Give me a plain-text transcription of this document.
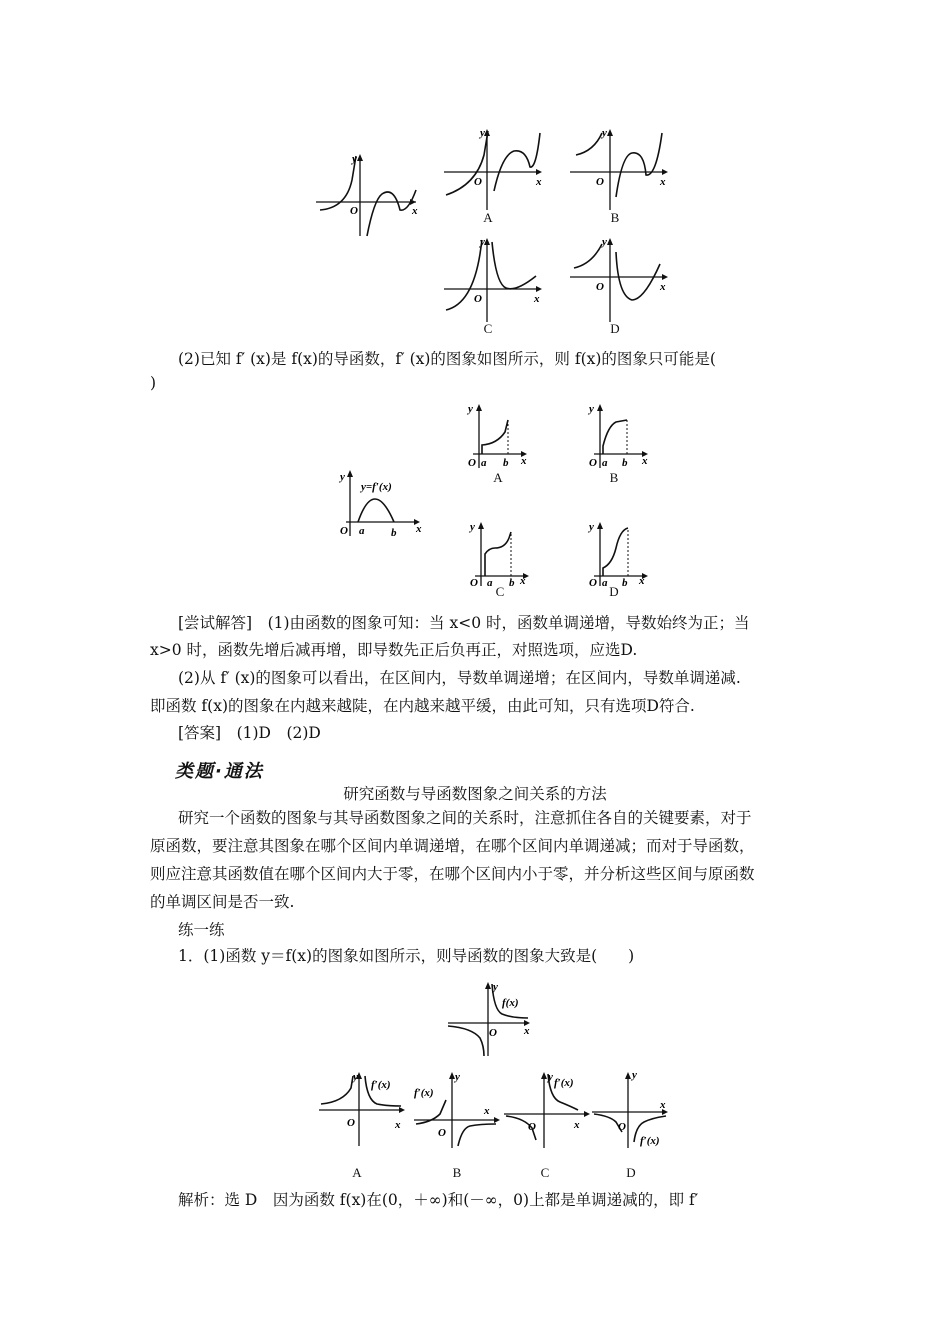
y
x
O
y
x
O
A
y
x
O
B
y
x
O
C
y
x
O
D
(2)已知 f′ (x)是 f(x)的导函数，f′ (x)的图象如图所示，则 f(x)的图象只可能是(
)
y
y=f′(x)
O a b x
y
O a b x
A
y
O a b x
B
y
O a b x
C
y
O a b x
D
[尝试解答]　(1)由函数的图象可知：当 x<0 时，函数单调递增，导数始终为正；当
x>0 时，函数先增后减再增，即导数先正后负再正，对照选项，应选D.
(2)从 f′ (x)的图象可以看出，在区间内，导数单调递增；在区间内，导数单调递减.
即函数 f(x)的图象在内越来越陡，在内越来越平缓，由此可知，只有选项D符合.
[答案]　(1)D　(2)D
类题·通法
研究函数与导函数图象之间关系的方法
研究一个函数的图象与其导函数图象之间的关系时，注意抓住各自的关键要素，对于
原函数，要注意其图象在哪个区间内单调递增，在哪个区间内单调递减；而对于导函数，
则应注意其函数值在哪个区间内大于零，在哪个区间内小于零，并分析这些区间与原函数
的单调区间是否一致.
练一练
1．(1)函数 y＝f(x)的图象如图所示，则导函数的图象大致是(　　)
y
f(x)
O x
y
f′(x)
O	x
A
y
f′(x)
O
x
B
y f′(x)
O	x
C
y
f′(x)
O
x
D
解析：选 D　因为函数 f(x)在(0，＋∞)和(－∞，0)上都是单调递减的，即 f′
